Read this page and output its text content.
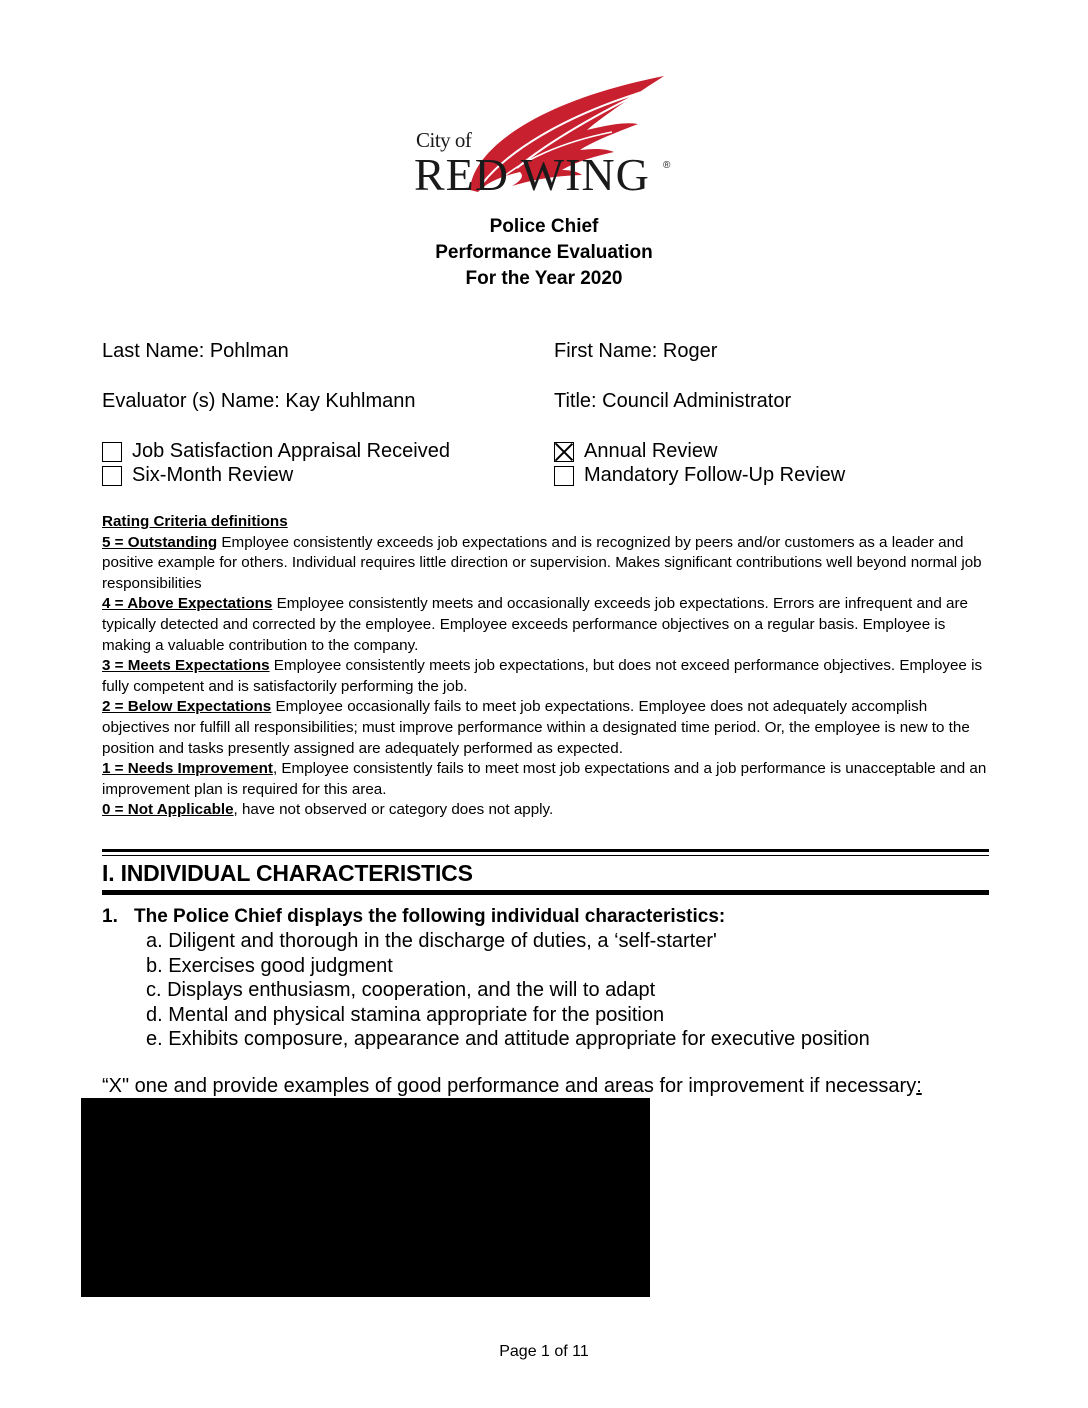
City of
RED WING ®
Police Chief
Performance Evaluation
For the Year 2020
Last Name: Pohlman	First Name: Roger
Evaluator (s) Name: Kay Kuhlmann	Title: Council Administrator
Job Satisfaction Appraisal Received	Annual Review
Six-Month Review	Mandatory Follow-Up Review

Rating Criteria definitions

5 = Outstanding Employee consistently exceeds job expectations and is recognized by peers and/or customers as a leader and positive example for others. Individual requires little direction or supervision. Makes significant contributions well beyond normal job responsibilities

4 = Above Expectations Employee consistently meets and occasionally exceeds job expectations. Errors are infrequent and are typically detected and corrected by the employee. Employee exceeds performance objectives on a regular basis. Employee is making a valuable contribution to the company.

3 = Meets Expectations Employee consistently meets job expectations, but does not exceed performance objectives. Employee is fully competent and is satisfactorily performing the job.

2 = Below Expectations Employee occasionally fails to meet job expectations. Employee does not adequately accomplish objectives nor fulfill all responsibilities; must improve performance within a designated time period. Or, the employee is new to the position and tasks presently assigned are adequately performed as expected.

1 = Needs Improvement, Employee consistently fails to meet most job expectations and a job performance is unacceptable and an improvement plan is required for this area.

0 = Not Applicable, have not observed or category does not apply.

I. INDIVIDUAL CHARACTERISTICS
1. The Police Chief displays the following individual characteristics:
a. Diligent and thorough in the discharge of duties, a ‘self-starter'
b. Exercises good judgment
c. Displays enthusiasm, cooperation, and the will to adapt
d. Mental and physical stamina appropriate for the position
e. Exhibits composure, appearance and attitude appropriate for executive position
“X" one and provide examples of good performance and areas for improvement if necessary:
Page 1 of 11
